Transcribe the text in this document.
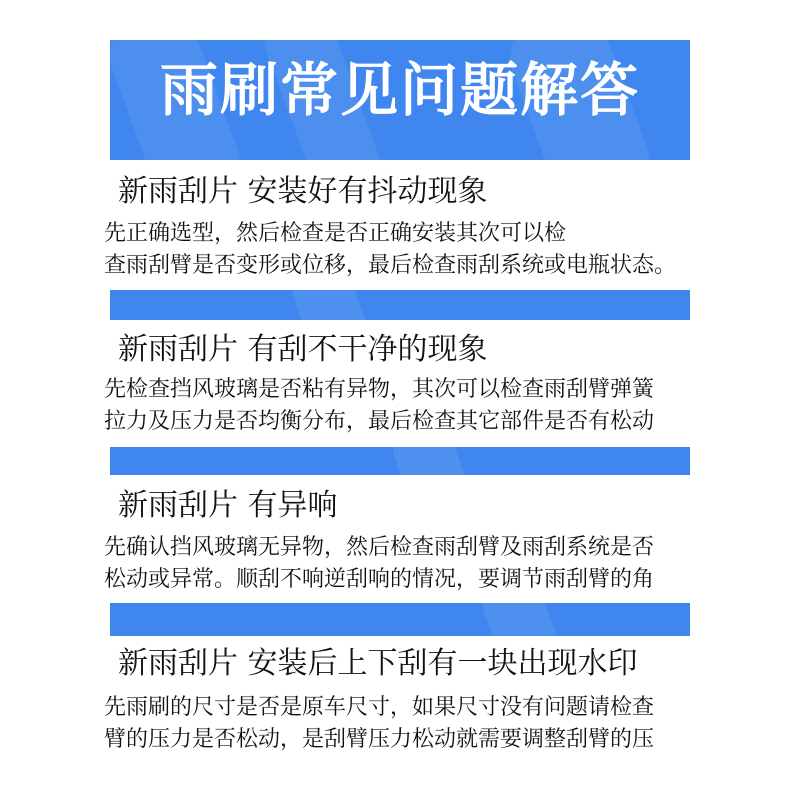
雨刷常见问题解答
新雨刮片 安装好有抖动现象
先正确选型，然后检查是否正确安装其次可以检
查雨刮臂是否变形或位移，最后检查雨刮系统或电瓶状态。
新雨刮片 有刮不干净的现象
先检查挡风玻璃是否粘有异物，其次可以检查雨刮臂弹簧
拉力及压力是否均衡分布，最后检查其它部件是否有松动
新雨刮片 有异响
先确认挡风玻璃无异物，然后检查雨刮臂及雨刮系统是否
松动或异常。顺刮不响逆刮响的情况，要调节雨刮臂的角
新雨刮片 安装后上下刮有一块出现水印
先雨刷的尺寸是否是原车尺寸，如果尺寸没有问题请检查
臂的压力是否松动，是刮臂压力松动就需要调整刮臂的压
